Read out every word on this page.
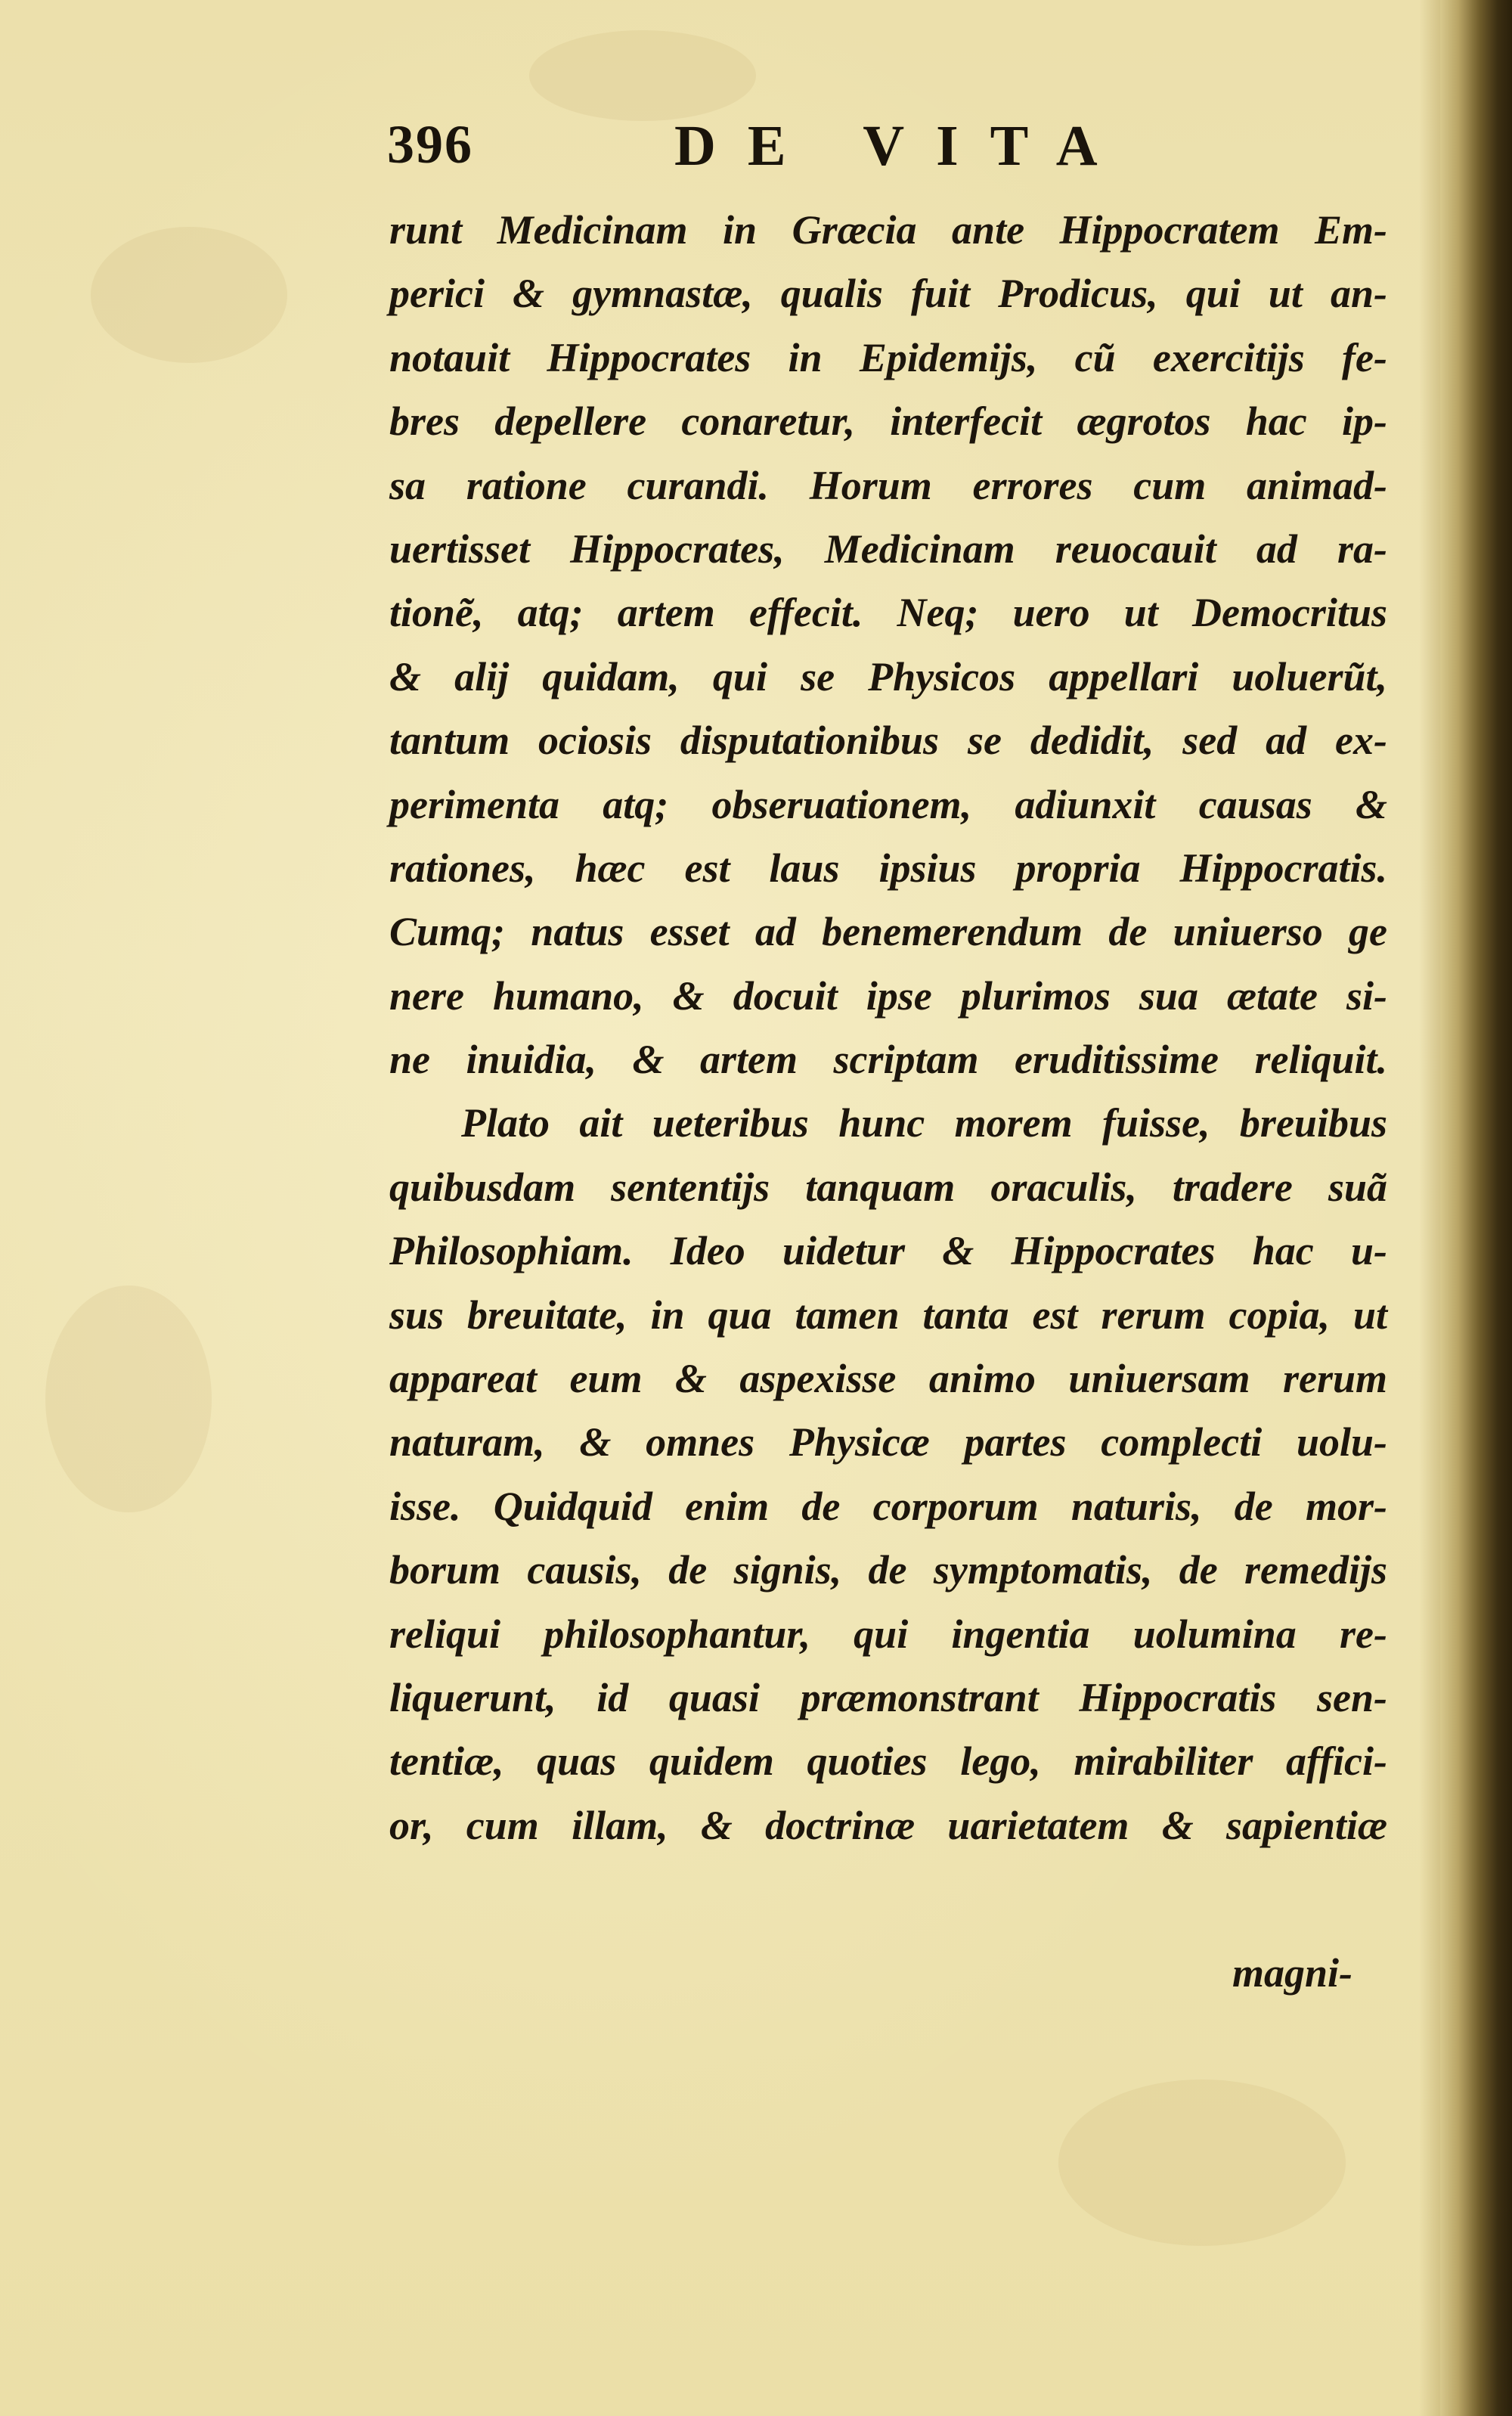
396	DE VITA
runt Medicinam in Græcia ante Hippocratem Em-
perici & gymnastæ, qualis fuit Prodicus, qui ut an-
notauit Hippocrates in Epidemijs, cũ exercitijs fe-
bres depellere conaretur, interfecit ægrotos hac ip-
sa ratione curandi. Horum errores cum animad-
uertisset Hippocrates, Medicinam reuocauit ad ra-
tionẽ, atq; artem effecit. Neq; uero ut Democritus
& alij quidam, qui se Physicos appellari uoluerũt,
tantum ociosis disputationibus se dedidit, sed ad ex-
perimenta atq; obseruationem, adiunxit causas &
rationes, hæc est laus ipsius propria Hippocratis.
Cumq; natus esset ad benemerendum de uniuerso ge
nere humano, & docuit ipse plurimos sua ætate si-
ne inuidia, & artem scriptam eruditissime reliquit.
Plato ait ueteribus hunc morem fuisse, breuibus
quibusdam sententijs tanquam oraculis, tradere suã
Philosophiam. Ideo uidetur & Hippocrates hac u-
sus breuitate, in qua tamen tanta est rerum copia, ut
appareat eum & aspexisse animo uniuersam rerum
naturam, & omnes Physicæ partes complecti uolu-
isse. Quidquid enim de corporum naturis, de mor-
borum causis, de signis, de symptomatis, de remedijs
reliqui philosophantur, qui ingentia uolumina re-
liquerunt, id quasi præmonstrant Hippocratis sen-
tentiæ, quas quidem quoties lego, mirabiliter affici-
or, cum illam, & doctrinæ uarietatem & sapientiæ
magni-
